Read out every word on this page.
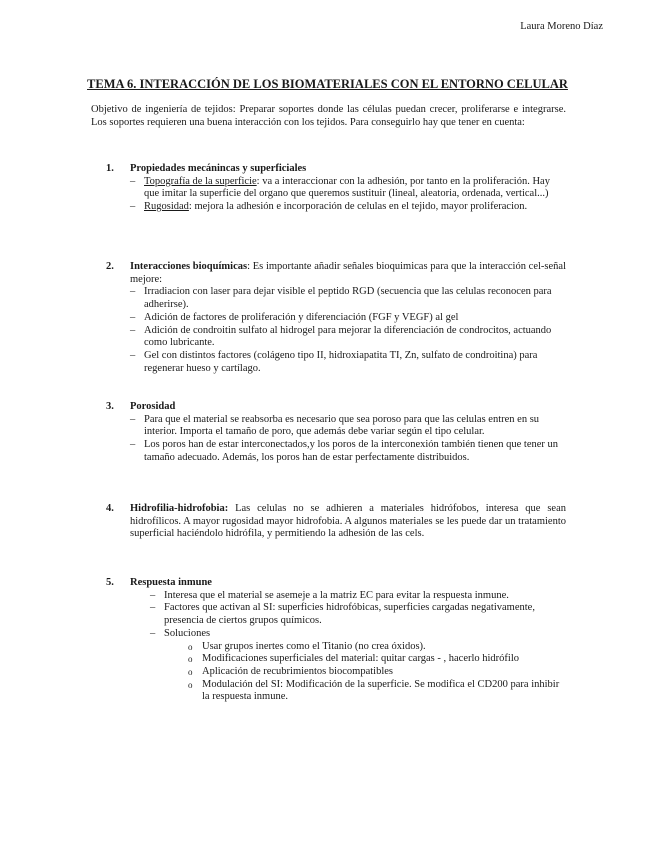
Laura Moreno Díaz
TEMA 6. INTERACCIÓN DE LOS BIOMATERIALES CON EL ENTORNO CELULAR
Objetivo de ingeniería de tejidos: Preparar soportes donde las células puedan crecer, proliferarse e integrarse. Los soportes requieren una buena interacción con los tejidos. Para conseguirlo hay que tener en cuenta:
1. Propiedades mecánincas y superficiales
– Topografía de la superficie: va a interaccionar con la adhesión, por tanto en la proliferación. Hay que imitar la superficie del organo que queremos sustituir (lineal, aleatoria, ordenada, vertical...)
– Rugosidad: mejora la adhesión e incorporación de celulas en el tejido, mayor proliferacion.
2. Interacciones bioquímicas: Es importante añadir señales bioquimicas para que la interacción cel-señal mejore:
– Irradiacion con laser para dejar visible el peptido RGD (secuencia que las celulas reconocen para adherirse).
– Adición de factores de proliferación y diferenciación (FGF y VEGF) al gel
– Adición de condroitin sulfato al hidrogel para mejorar la diferenciación de condrocitos, actuando como lubricante.
– Gel con distintos factores (colágeno tipo II, hidroxiapatita TI, Zn, sulfato de condroitina) para regenerar hueso y cartílago.
3. Porosidad
– Para que el material se reabsorba es necesario que sea poroso para que las celulas entren en su interior. Importa el tamaño de poro, que además debe variar según el tipo celular.
– Los poros han de estar interconectados,y los poros de la interconexión también tienen que tener un tamaño adecuado. Además, los poros han de estar perfectamente distribuidos.
4. Hidrofilia-hidrofobia: Las celulas no se adhieren a materiales hidrófobos, interesa que sean hidrofílicos. A mayor rugosidad mayor hidrofobia. A algunos materiales se les puede dar un tratamiento superficial haciéndolo hidrófila, y permitiendo la adhesión de las cels.
5. Respuesta inmune
– Interesa que el material se asemeje a la matriz EC para evitar la respuesta inmune.
– Factores que activan al SI: superficies hidrofóbicas, superficies cargadas negativamente, presencia de ciertos grupos químicos.
– Soluciones
o Usar grupos inertes como el Titanio (no crea óxidos).
o Modificaciones superficiales del material: quitar cargas - , hacerlo hidrófilo
o Aplicación de recubrimientos biocompatibles
o Modulación del SI: Modificación de la superficie. Se modifica el CD200 para inhibir la respuesta inmune.
